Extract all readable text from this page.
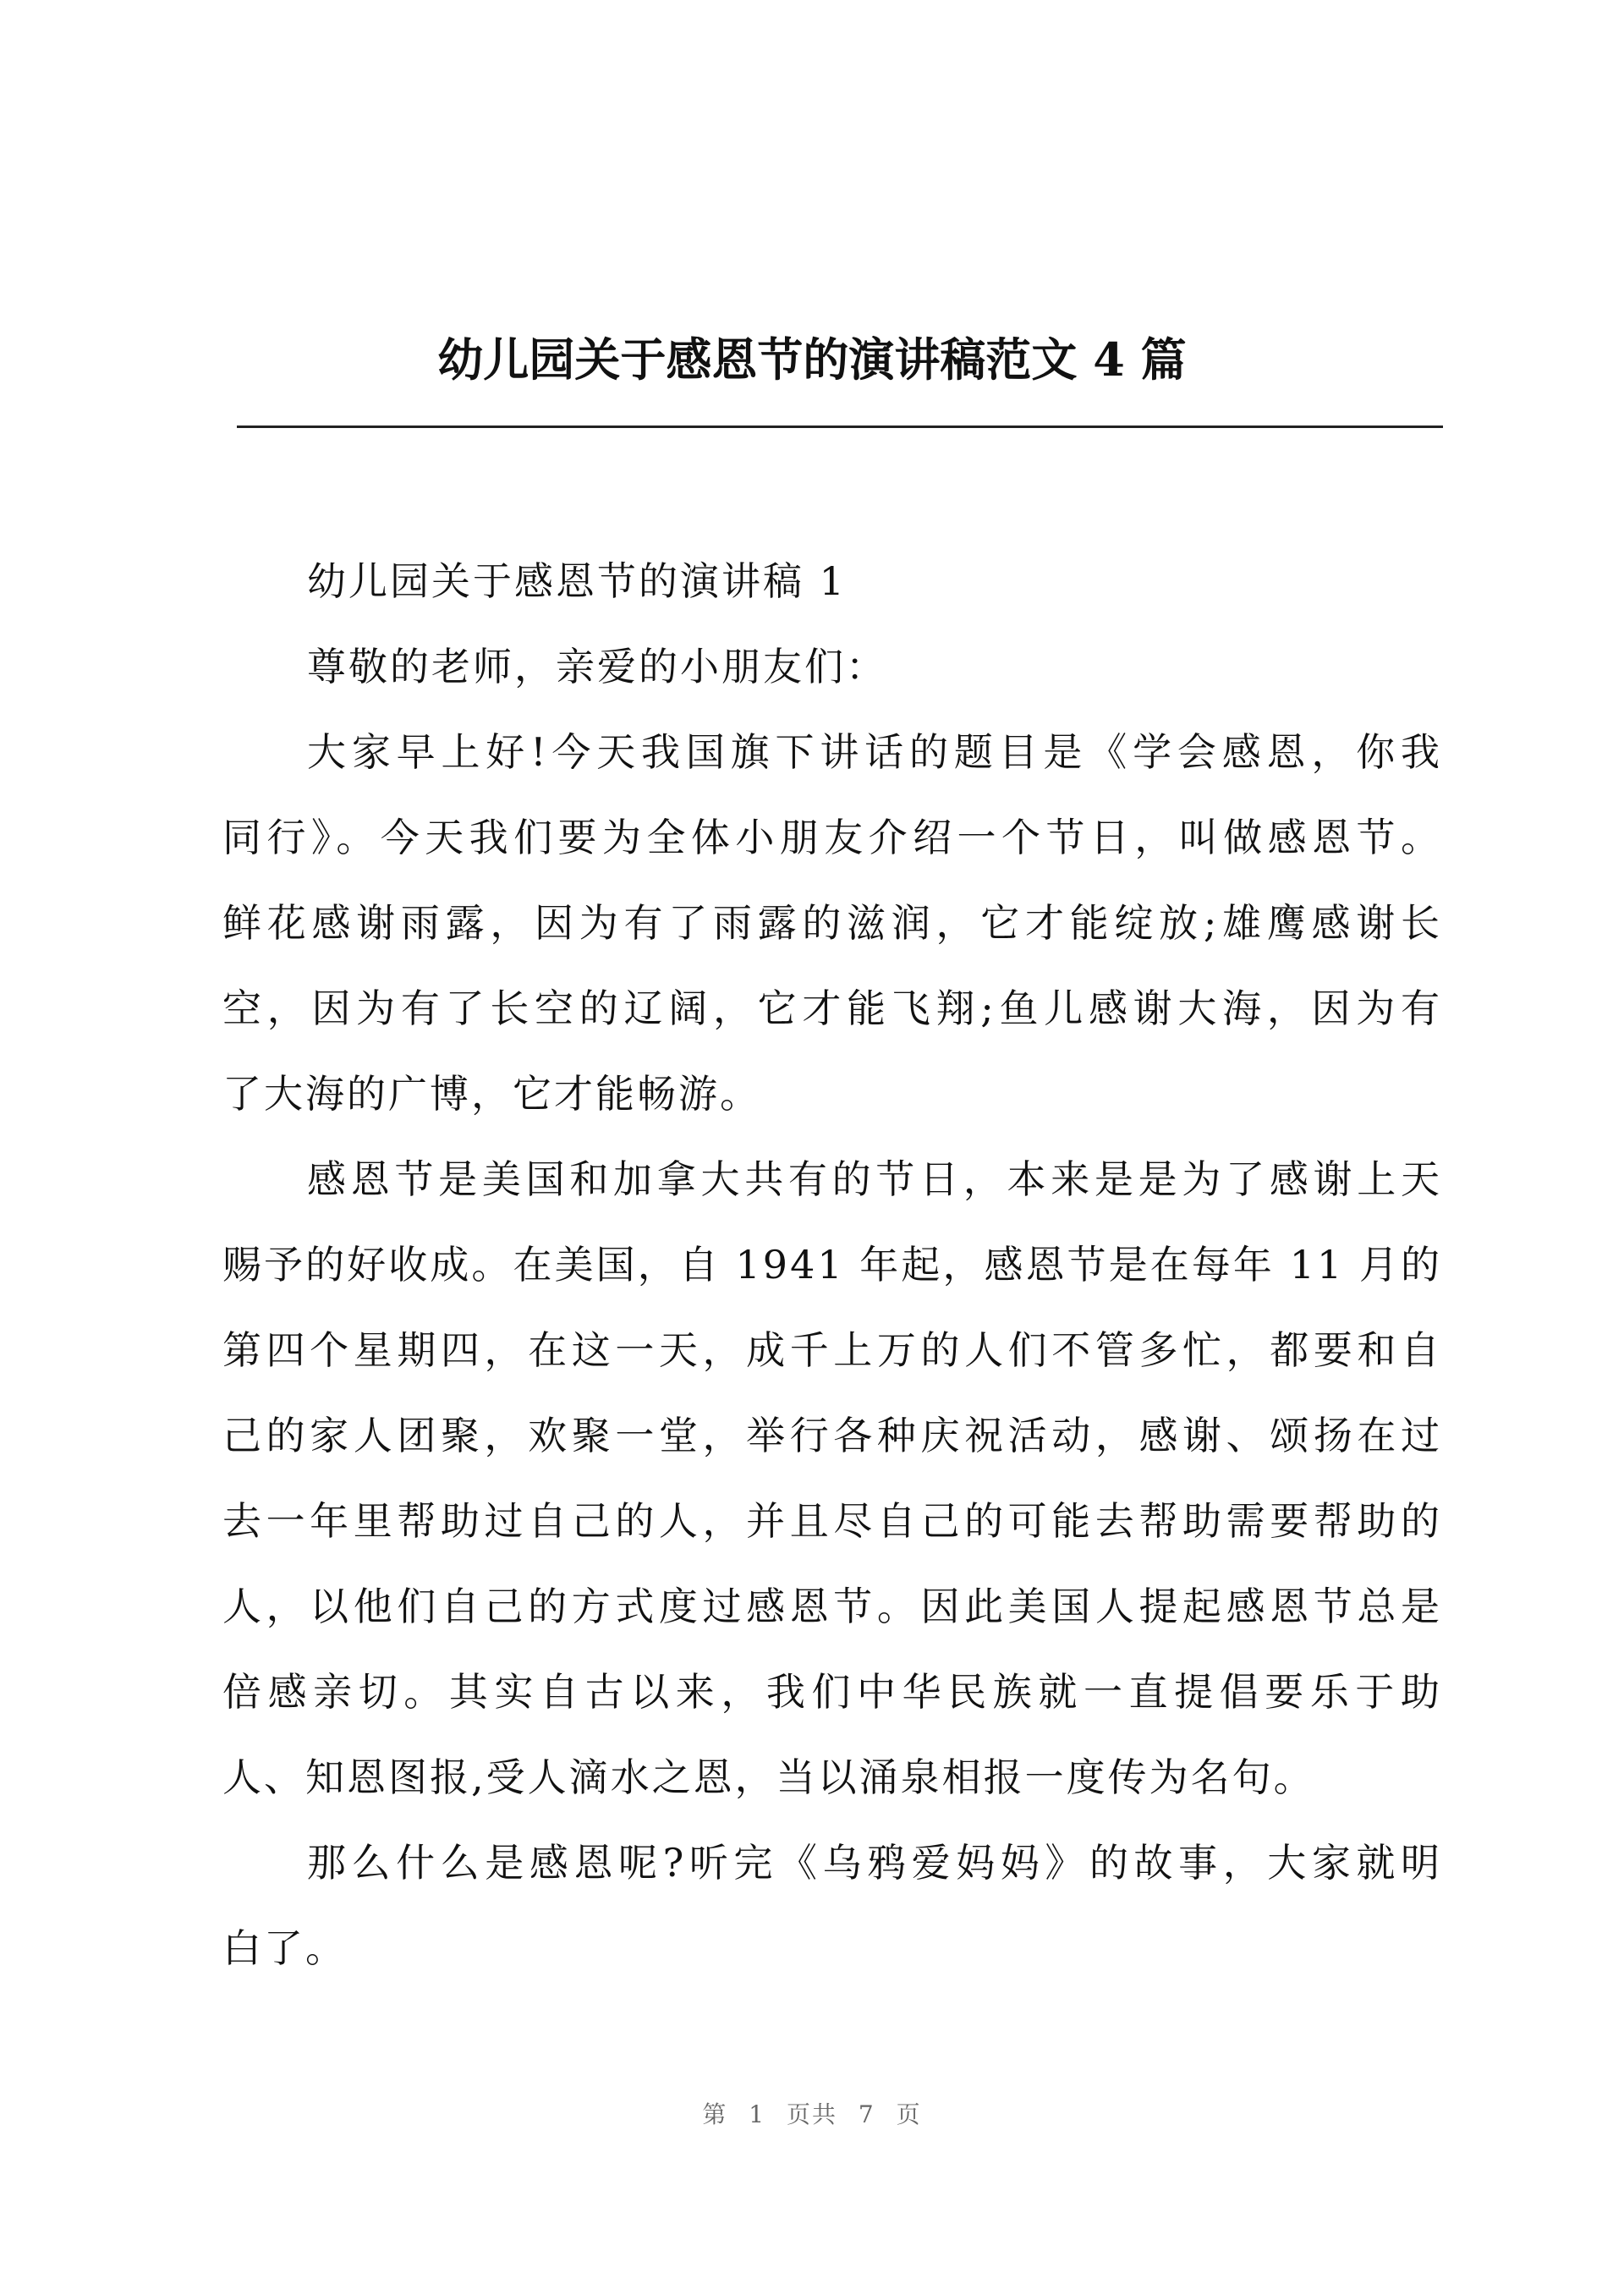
幼儿园关于感恩节的演讲稿范文 4 篇
幼儿园关于感恩节的演讲稿 1
尊敬的老师，亲爱的小朋友们：
大家早上好!今天我国旗下讲话的题目是《学会感恩，你我
同行》。今天我们要为全体小朋友介绍一个节日，叫做感恩节。
鲜花感谢雨露，因为有了雨露的滋润，它才能绽放;雄鹰感谢长
空，因为有了长空的辽阔，它才能飞翔;鱼儿感谢大海，因为有
了大海的广博，它才能畅游。
感恩节是美国和加拿大共有的节日，本来是是为了感谢上天
赐予的好收成。在美国，自 1941 年起，感恩节是在每年 11 月的
第四个星期四，在这一天，成千上万的人们不管多忙，都要和自
己的家人团聚，欢聚一堂，举行各种庆祝活动，感谢、颂扬在过
去一年里帮助过自己的人，并且尽自己的可能去帮助需要帮助的
人，以他们自己的方式度过感恩节。因此美国人提起感恩节总是
倍感亲切。其实自古以来，我们中华民族就一直提倡要乐于助
人、知恩图报,受人滴水之恩，当以涌泉相报一度传为名句。
那么什么是感恩呢?听完《乌鸦爱妈妈》的故事，大家就明
白了。
第 1 页共 7 页
